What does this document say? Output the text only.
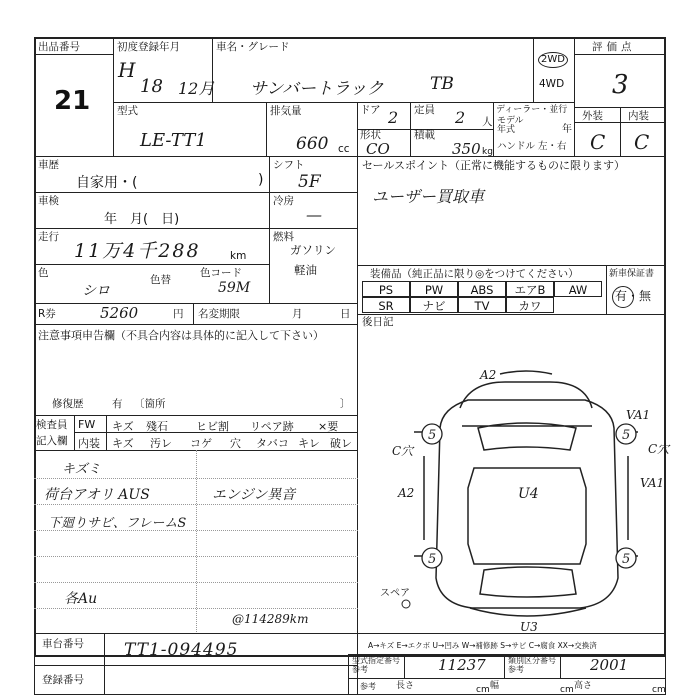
出品番号
21
初度登録年月
H
18 12月
車名・グレード
サンバートラック	TB
2WD
4WD
評価点
3
外装 内装
C C
型式
LE-TT1
排気量
660 cc
ドア 2 定員 2 人
ディーラー・並行
モデル年式	年
ハンドル 左・右
形状
CO
積載
350 kg
車歴
自家用・(	)
車検
年　月(　日)
走行
11万4千288	km
色
シロ
色替
色コード
59M
シフト
5F
冷房
—
燃料
ガソリン
軽油
R券	5260	円 名変期限	月	日
注意事項申告欄（不具合内容は具体的に記入して下さい）
修復歴	有 〔箇所	〕
セールスポイント（正常に機能するものに限ります）
ユーザー買取車
装備品（純正品に限り◎をつけてください）
PS	PW	ABS	エアB	AW
SR	ナビ	TV	カワ
新車保証書
有・無
後日記
5	5
5	5
スペア
A2
VA1
C穴	C穴
A2	U4
VA1
U3
A→キズ E→エクボ U→凹み W→補修跡 S→サビ C→腐食 XX→交換済
検査員
記入欄
FW キズ 殘石	ヒビ割 リペア跡 ×要
内装 キズ 汚レ コゲ 穴 タバコ キレ 破レ
キズミ
荷台アオリ AUS
下廻りサビ、フレームS
エンジン異音
各Au
@114289km
車台番号 TT1-094495
登録番号
型式指定番号 参考	11237	類別区分番号 参考	2001
参考 長さ	cm 幅	cm 高さ	cm
